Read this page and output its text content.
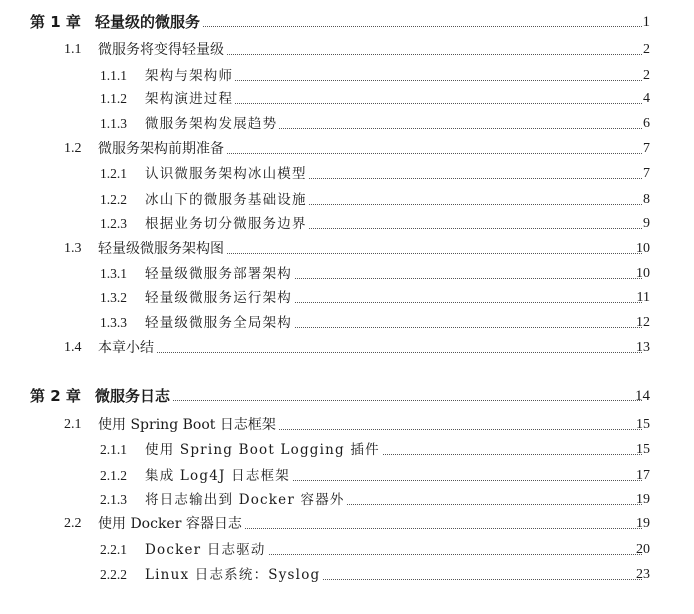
第 1 章 轻量级的微服务	1
1.1 微服务将变得轻量级	2
1.1.1 架构与架构师	2
1.1.2 架构演进过程	4
1.1.3 微服务架构发展趋势	6
1.2 微服务架构前期准备	7
1.2.1 认识微服务架构冰山模型	7
1.2.2 冰山下的微服务基础设施	8
1.2.3 根据业务切分微服务边界	9
1.3 轻量级微服务架构图	10
1.3.1 轻量级微服务部署架构	10
1.3.2 轻量级微服务运行架构	11
1.3.3 轻量级微服务全局架构	12
1.4 本章小结	13
第 2 章 微服务日志	14
2.1 使用 Spring Boot 日志框架	15
2.1.1 使用 Spring Boot Logging 插件	15
2.1.2 集成 Log4J 日志框架	17
2.1.3 将日志输出到 Docker 容器外	19
2.2 使用 Docker 容器日志	19
2.2.1 Docker 日志驱动	20
2.2.2 Linux 日志系统：Syslog	23
